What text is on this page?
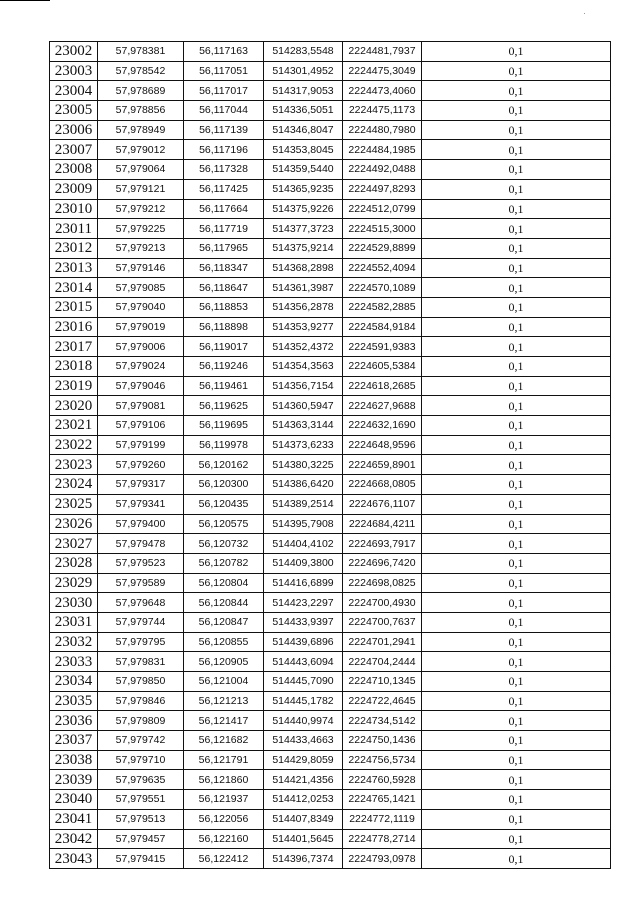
23002	57,978381	56,117163	514283,5548	2224481,7937	0,1
23003	57,978542	56,117051	514301,4952	2224475,3049	0,1
23004	57,978689	56,117017	514317,9053	2224473,4060	0,1
23005	57,978856	56,117044	514336,5051	2224475,1173	0,1
23006	57,978949	56,117139	514346,8047	2224480,7980	0,1
23007	57,979012	56,117196	514353,8045	2224484,1985	0,1
23008	57,979064	56,117328	514359,5440	2224492,0488	0,1
23009	57,979121	56,117425	514365,9235	2224497,8293	0,1
23010	57,979212	56,117664	514375,9226	2224512,0799	0,1
23011	57,979225	56,117719	514377,3723	2224515,3000	0,1
23012	57,979213	56,117965	514375,9214	2224529,8899	0,1
23013	57,979146	56,118347	514368,2898	2224552,4094	0,1
23014	57,979085	56,118647	514361,3987	2224570,1089	0,1
23015	57,979040	56,118853	514356,2878	2224582,2885	0,1
23016	57,979019	56,118898	514353,9277	2224584,9184	0,1
23017	57,979006	56,119017	514352,4372	2224591,9383	0,1
23018	57,979024	56,119246	514354,3563	2224605,5384	0,1
23019	57,979046	56,119461	514356,7154	2224618,2685	0,1
23020	57,979081	56,119625	514360,5947	2224627,9688	0,1
23021	57,979106	56,119695	514363,3144	2224632,1690	0,1
23022	57,979199	56,119978	514373,6233	2224648,9596	0,1
23023	57,979260	56,120162	514380,3225	2224659,8901	0,1
23024	57,979317	56,120300	514386,6420	2224668,0805	0,1
23025	57,979341	56,120435	514389,2514	2224676,1107	0,1
23026	57,979400	56,120575	514395,7908	2224684,4211	0,1
23027	57,979478	56,120732	514404,4102	2224693,7917	0,1
23028	57,979523	56,120782	514409,3800	2224696,7420	0,1
23029	57,979589	56,120804	514416,6899	2224698,0825	0,1
23030	57,979648	56,120844	514423,2297	2224700,4930	0,1
23031	57,979744	56,120847	514433,9397	2224700,7637	0,1
23032	57,979795	56,120855	514439,6896	2224701,2941	0,1
23033	57,979831	56,120905	514443,6094	2224704,2444	0,1
23034	57,979850	56,121004	514445,7090	2224710,1345	0,1
23035	57,979846	56,121213	514445,1782	2224722,4645	0,1
23036	57,979809	56,121417	514440,9974	2224734,5142	0,1
23037	57,979742	56,121682	514433,4663	2224750,1436	0,1
23038	57,979710	56,121791	514429,8059	2224756,5734	0,1
23039	57,979635	56,121860	514421,4356	2224760,5928	0,1
23040	57,979551	56,121937	514412,0253	2224765,1421	0,1
23041	57,979513	56,122056	514407,8349	2224772,1119	0,1
23042	57,979457	56,122160	514401,5645	2224778,2714	0,1
23043	57,979415	56,122412	514396,7374	2224793,0978	0,1
